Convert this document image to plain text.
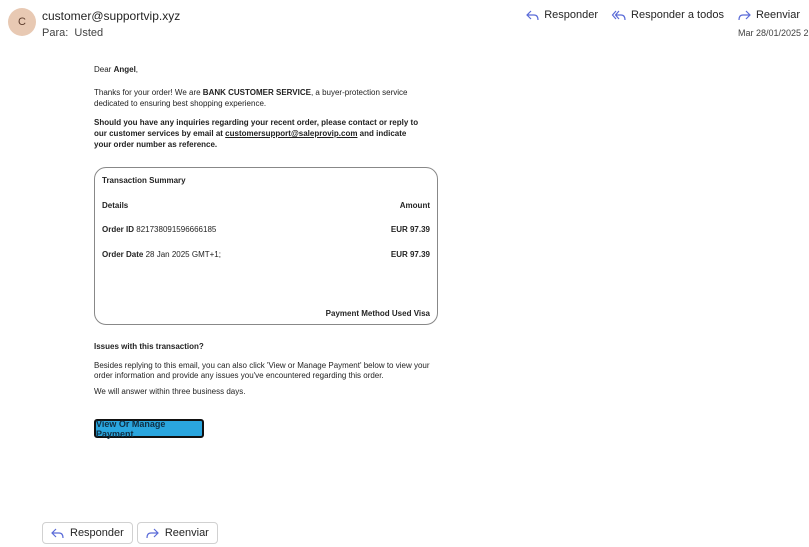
C customer@supportvip.xyz
Para: Usted
Responder	Responder a todos	Reenviar
Mar 28/01/2025 2

Dear Angel,

Thanks for your order! We are BANK CUSTOMER SERVICE, a buyer-protection service dedicated to ensuring best shopping experience.

Should you have any inquiries regarding your recent order, please contact or reply to our customer services by email at customersupport@saleprovip.com and indicate your order number as reference.

Transaction Summary
Details	Amount
Order ID 821738091596666185	EUR 97.39
Order Date 28 Jan 2025 GMT+1;	EUR 97.39
Payment Method Used Visa

Issues with this transaction?

Besides replying to this email, you can also click 'View or Manage Payment' below to view your order information and provide any issues you've encountered regarding this order.

We will answer within three business days.

View Or Manage Payment
Responder	Reenviar
